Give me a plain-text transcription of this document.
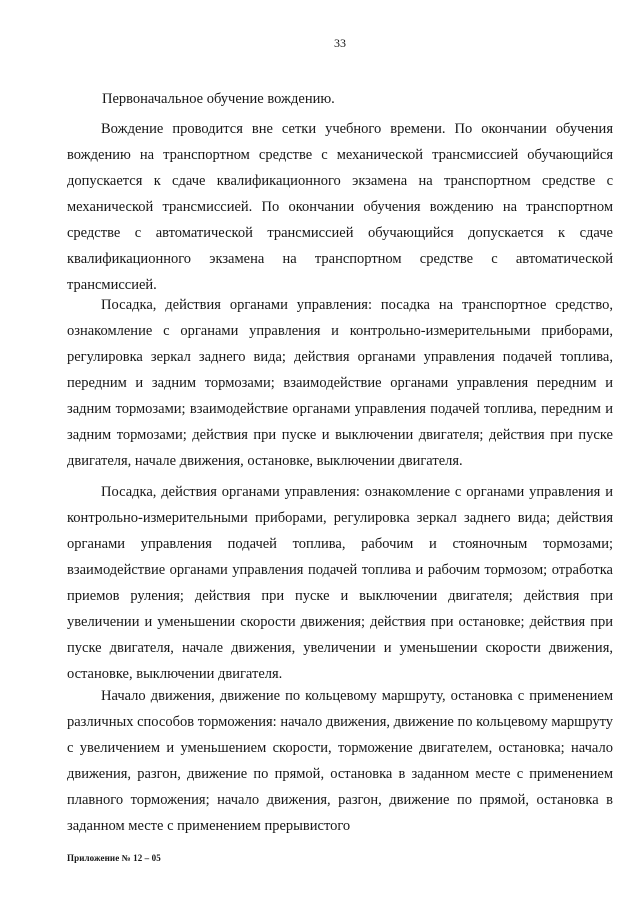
33

Первоначальное обучение вождению.

Вождение проводится вне сетки учебного времени. По окончании обучения вождению на транспортном средстве с механической трансмиссией обучающийся допускается к сдаче квалификационного экзамена на транспортном средстве с механической трансмиссией. По окончании обучения вождению на транспортном средстве с автоматической трансмиссией обучающийся допускается к сдаче квалификационного экзамена на транспортном средстве с автоматической трансмиссией.

Посадка, действия органами управления: посадка на транспортное средство, ознакомление с органами управления и контрольно-измерительными приборами, регулировка зеркал заднего вида; действия органами управления подачей топлива, передним и задним тормозами; взаимодействие органами управления передним и задним тормозами; взаимодействие органами управления подачей топлива, передним и задним тормозами; действия при пуске и выключении двигателя; действия при пуске двигателя, начале движения, остановке, выключении двигателя.

Посадка, действия органами управления: ознакомление с органами управления и контрольно-измерительными приборами, регулировка зеркал заднего вида; действия органами управления подачей топлива, рабочим и стояночным тормозами; взаимодействие органами управления подачей топлива и рабочим тормозом; отработка приемов руления; действия при пуске и выключении двигателя; действия при увеличении и уменьшении скорости движения; действия при остановке; действия при пуске двигателя, начале движения, увеличении и уменьшении скорости движения, остановке, выключении двигателя.

Начало движения, движение по кольцевому маршруту, остановка с применением различных способов торможения: начало движения, движение по кольцевому маршруту с увеличением и уменьшением скорости, торможение двигателем, остановка; начало движения, разгон, движение по прямой, остановка в заданном месте с применением плавного торможения; начало движения, разгон, движение по прямой, остановка в заданном месте с применением прерывистого

Приложение № 12 – 05
